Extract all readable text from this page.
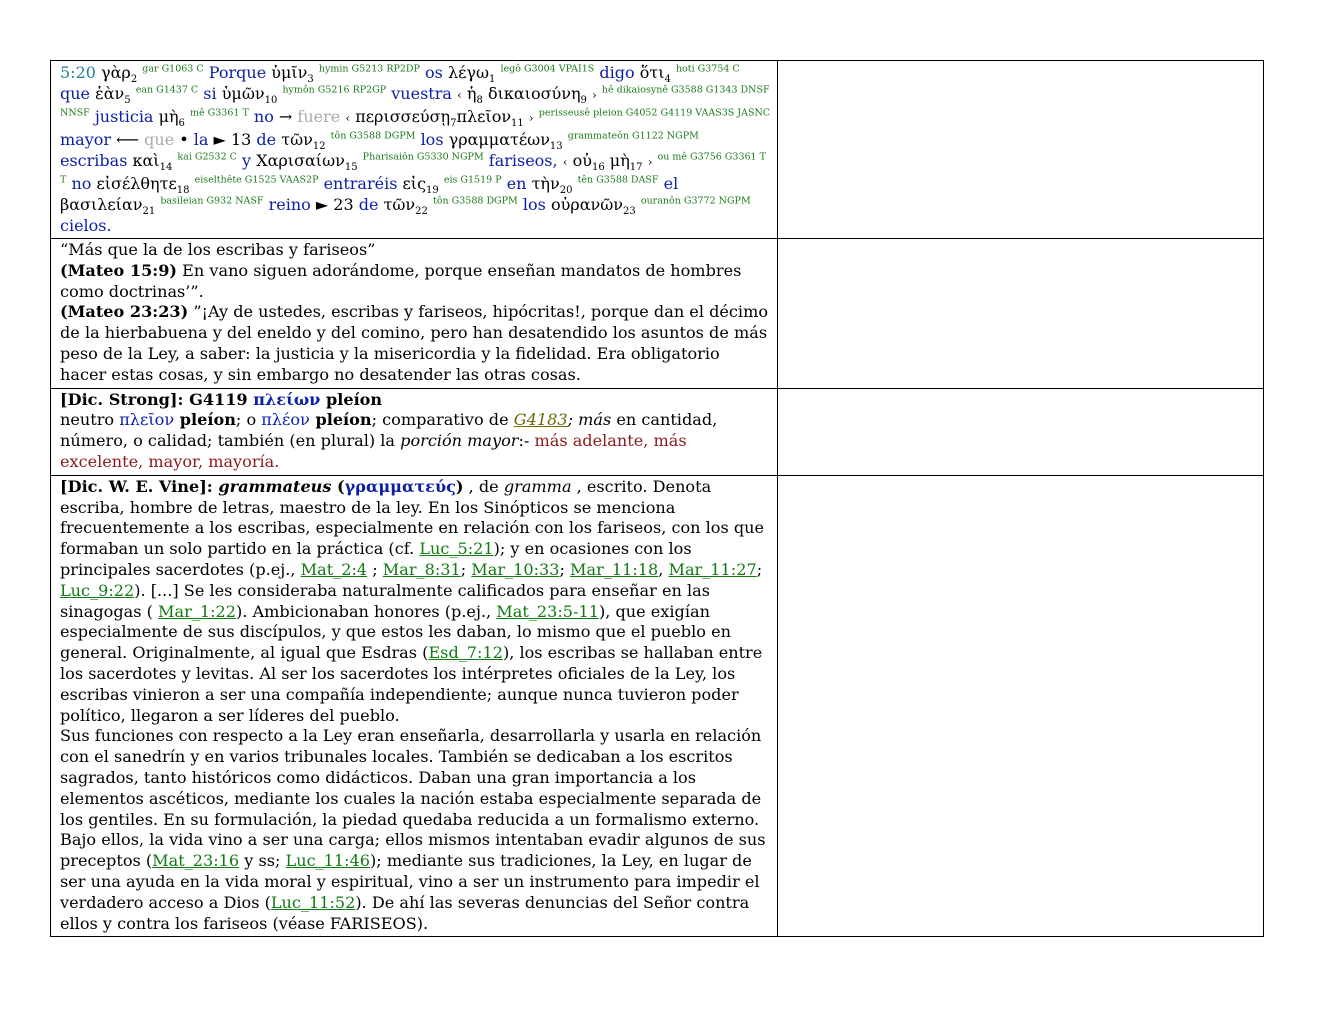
5:20 γὰρ$_2$ $^{gar G1063 C}$ Porque ὑμῖν$_3$ $^{hymin G5213 RP2DP}$ os λέγω$_1$ $^{legô G3004 VPAI1S}$ digo ὅτι$_4$ $^{hoti G3754 C}$ que ἐὰν$_5$ $^{ean G1437 C}$ si ὑμῶν$_{10}$ $^{hymôn G5216 RP2GP}$ vuestra ‹ ἡ$_8$ δικαιοσύνη$_9$ › $^{hê dikaiosynê G3588 G1343 DNSF NNSF}$ justicia μὴ$_6$ $^{mê G3361 T}$ no → fuere ‹ περισσεύσῃ$_7$πλεῖον$_{11}$ › $^{perisseusê pleion G4052 G4119 VAAS3S JASNC}$ mayor ⟵ que • la ► 13 de τῶν$_{12}$ $^{tôn G3588 DGPM}$ los γραμματέων$_{13}$ $^{grammateôn G1122 NGPM}$ escribas καὶ$_{14}$ $^{kai G2532 C}$ y Χαρισαίων$_{15}$ $^{Pharisaiôn G5330 NGPM}$ fariseos, ‹ οὐ$_{16}$ μὴ$_{17}$ › $^{ou mê G3756 G3361 T T}$ no εἰσέλθητε$_{18}$ $^{eiselthête G1525 VAAS2P}$ entraréis εἰς$_{19}$ $^{eis G1519 P}$ en τὴν$_{20}$ $^{tên G3588 DASF}$ el βασιλείαν$_{21}$ $^{basileian G932 NASF}$ reino ► 23 de τῶν$_{22}$ $^{tôn G3588 DGPM}$ los οὐρανῶν$_{23}$ $^{ouranôn G3772 NGPM}$ cielos.	

“Más que la de los escribas y fariseos”
(Mateo 15:9) En vano siguen adorándome, porque enseñan mandatos de hombres como doctrinas’”.
(Mateo 23:23) ”¡Ay de ustedes, escribas y fariseos, hipócritas!, porque dan el décimo de la hierbabuena y del eneldo y del comino, pero han desatendido los asuntos de más peso de la Ley, a saber: la justicia y la misericordia y la fidelidad. Era obligatorio hacer estas cosas, y sin embargo no desatender las otras cosas.	

[Dic. Strong]: G4119 πλείων pleíon
neutro πλεῖον pleíon; o πλέον pleíon; comparativo de G4183; más en cantidad, número, o calidad; también (en plural) la porción mayor:- más adelante, más excelente, mayor, mayoría.	

[Dic. W. E. Vine]: grammateus (γραμματεύς) , de gramma , escrito. Denota escriba, hombre de letras, maestro de la ley. En los Sinópticos se menciona frecuentemente a los escribas, especialmente en relación con los fariseos, con los que formaban un solo partido en la práctica (cf. Luc_5:21); y en ocasiones con los principales sacerdotes (p.ej., Mat_2:4 ; Mar_8:31; Mar_10:33; Mar_11:18, Mar_11:27; Luc_9:22). [...] Se les consideraba naturalmente calificados para enseñar en las sinagogas ( Mar_1:22). Ambicionaban honores (p.ej., Mat_23:5-11), que exigían especialmente de sus discípulos, y que estos les daban, lo mismo que el pueblo en general. Originalmente, al igual que Esdras (Esd_7:12), los escribas se hallaban entre los sacerdotes y levitas. Al ser los sacerdotes los intérpretes oficiales de la Ley, los escribas vinieron a ser una compañía independiente; aunque nunca tuvieron poder político, llegaron a ser líderes del pueblo.
Sus funciones con respecto a la Ley eran enseñarla, desarrollarla y usarla en relación con el sanedrín y en varios tribunales locales. También se dedicaban a los escritos sagrados, tanto históricos como didácticos. Daban una gran importancia a los elementos ascéticos, mediante los cuales la nación estaba especialmente separada de los gentiles. En su formulación, la piedad quedaba reducida a un formalismo externo. Bajo ellos, la vida vino a ser una carga; ellos mismos intentaban evadir algunos de sus preceptos (Mat_23:16 y ss; Luc_11:46); mediante sus tradiciones, la Ley, en lugar de ser una ayuda en la vida moral y espiritual, vino a ser un instrumento para impedir el verdadero acceso a Dios (Luc_11:52). De ahí las severas denuncias del Señor contra ellos y contra los fariseos (véase FARISEOS).	
